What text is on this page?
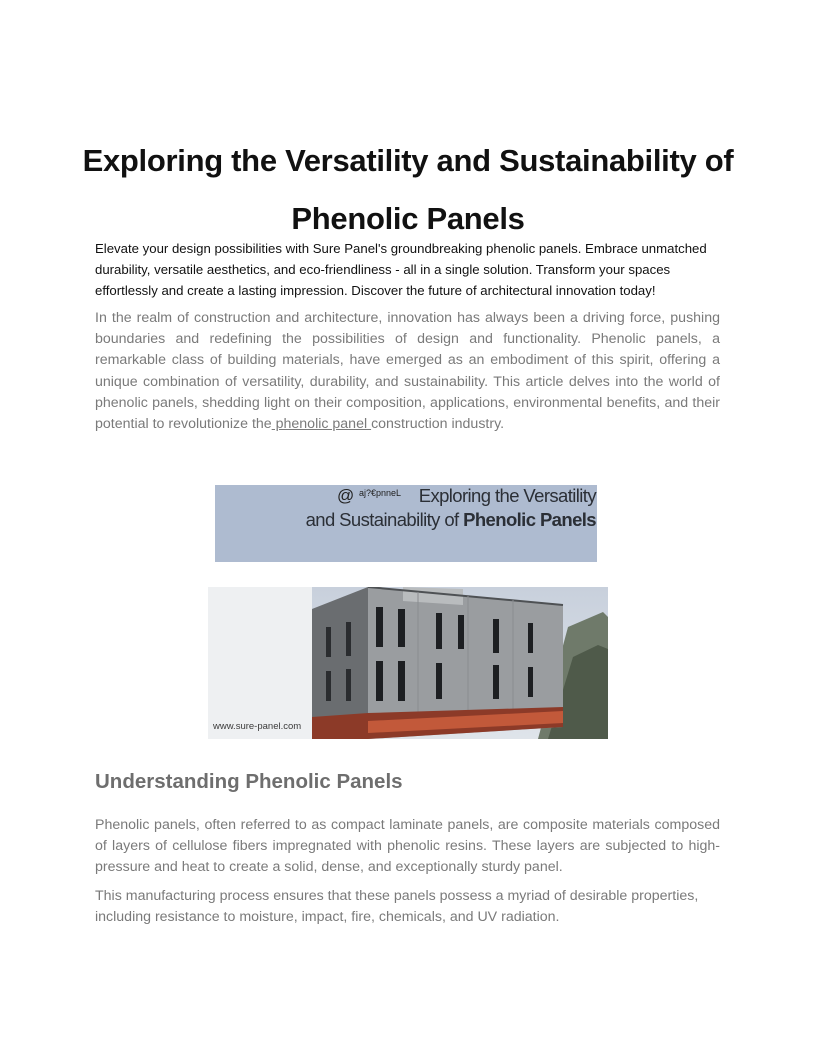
Exploring the Versatility and Sustainability of Phenolic Panels

Elevate your design possibilities with Sure Panel's groundbreaking phenolic panels. Embrace unmatched durability, versatile aesthetics, and eco-friendliness - all in a single solution. Transform your spaces effortlessly and create a lasting impression. Discover the future of architectural innovation today!

In the realm of construction and architecture, innovation has always been a driving force, pushing boundaries and redefining the possibilities of design and functionality. Phenolic panels, a remarkable class of building materials, have emerged as an embodiment of this spirit, offering a unique combination of versatility, durability, and sustainability. This article delves into the world of phenolic panels, shedding light on their composition, applications, environmental benefits, and their potential to revolutionize the phenolic panel construction industry.

@ aj?€pnneL Exploring the Versatility
and Sustainability of Phenolic Panels
www.sure-panel.com
Understanding Phenolic Panels

Phenolic panels, often referred to as compact laminate panels, are composite materials composed of layers of cellulose fibers impregnated with phenolic resins. These layers are subjected to high-pressure and heat to create a solid, dense, and exceptionally sturdy panel.

This manufacturing process ensures that these panels possess a myriad of desirable properties, including resistance to moisture, impact, fire, chemicals, and UV radiation.
